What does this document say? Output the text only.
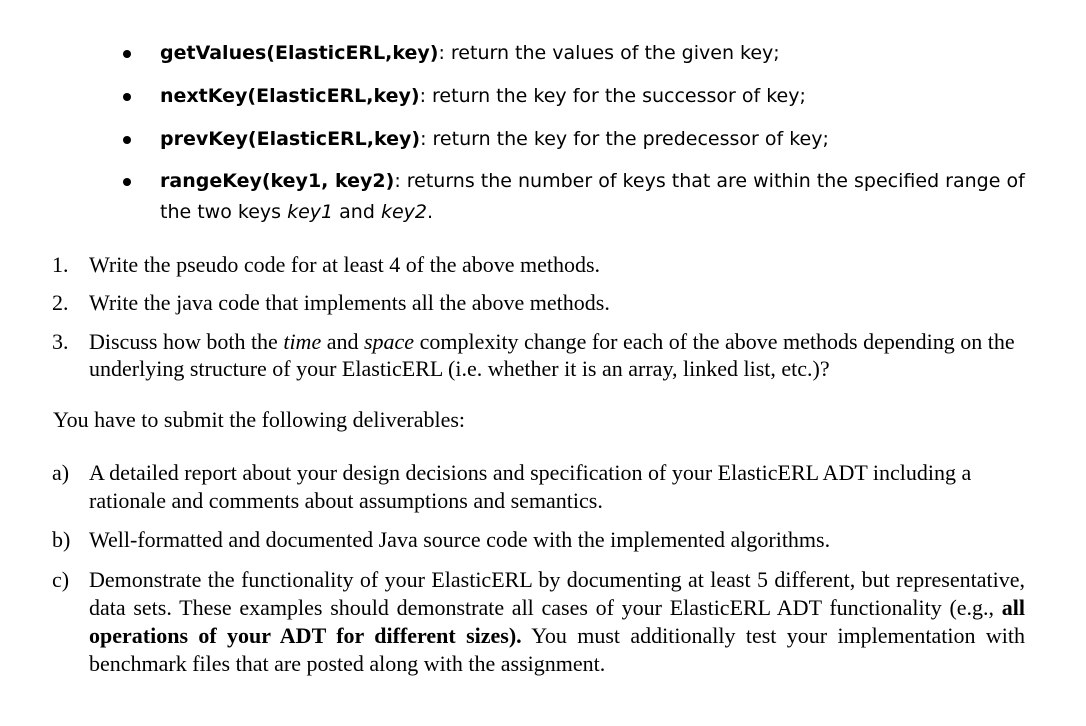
getValues(ElasticERL,key): return the values of the given key;
nextKey(ElasticERL,key): return the key for the successor of key;
prevKey(ElasticERL,key): return the key for the predecessor of key;
rangeKey(key1, key2): returns the number of keys that are within the specified range of the two keys key1 and key2.
1. Write the pseudo code for at least 4 of the above methods.
2. Write the java code that implements all the above methods.
3. Discuss how both the time and space complexity change for each of the above methods depending on the underlying structure of your ElasticERL (i.e. whether it is an array, linked list, etc.)?
You have to submit the following deliverables:
a) A detailed report about your design decisions and specification of your ElasticERL ADT including a rationale and comments about assumptions and semantics.
b) Well-formatted and documented Java source code with the implemented algorithms.
c) Demonstrate the functionality of your ElasticERL by documenting at least 5 different, but representative, data sets. These examples should demonstrate all cases of your ElasticERL ADT functionality (e.g., all operations of your ADT for different sizes). You must additionally test your implementation with benchmark files that are posted along with the assignment.
